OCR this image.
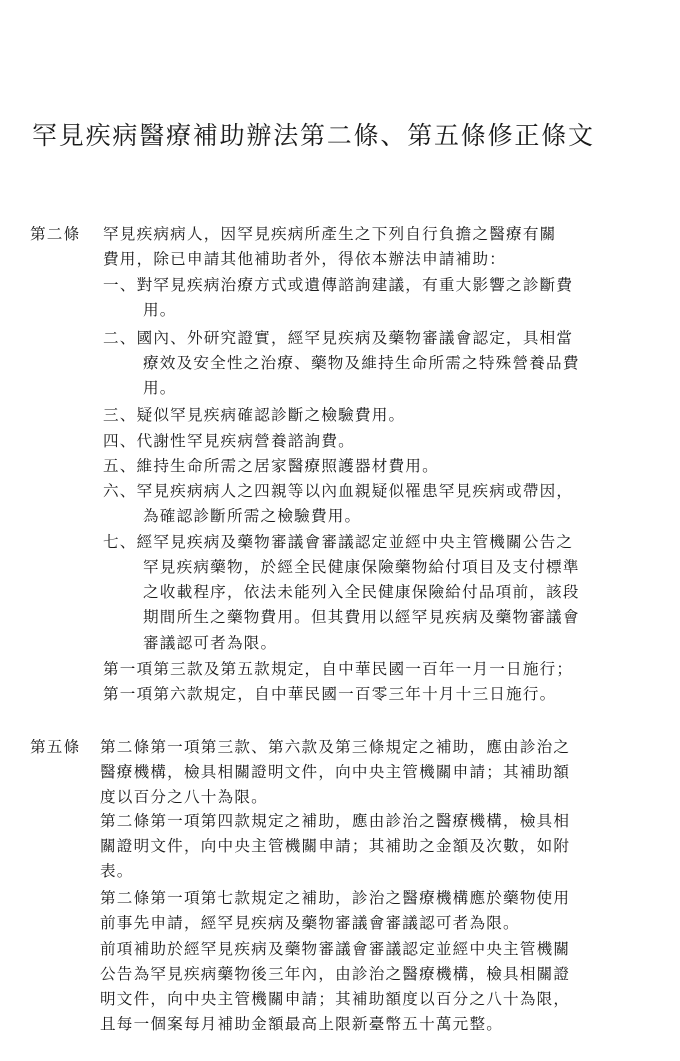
罕見疾病醫療補助辦法第二條、第五條修正條文
第二條 罕見疾病病人，因罕見疾病所產生之下列自行負擔之醫療有關
費用，除已申請其他補助者外，得依本辦法申請補助：
一、對罕見疾病治療方式或遺傳諮詢建議，有重大影響之診斷費
用。
二、國內、外研究證實，經罕見疾病及藥物審議會認定，具相當
療效及安全性之治療、藥物及維持生命所需之特殊營養品費
用。
三、疑似罕見疾病確認診斷之檢驗費用。
四、代謝性罕見疾病營養諮詢費。
五、維持生命所需之居家醫療照護器材費用。
六、罕見疾病病人之四親等以內血親疑似罹患罕見疾病或帶因，
為確認診斷所需之檢驗費用。
七、經罕見疾病及藥物審議會審議認定並經中央主管機關公告之
罕見疾病藥物，於經全民健康保險藥物給付項目及支付標準
之收載程序，依法未能列入全民健康保險給付品項前，該段
期間所生之藥物費用。但其費用以經罕見疾病及藥物審議會
審議認可者為限。
第一項第三款及第五款規定，自中華民國一百年一月一日施行；
第一項第六款規定，自中華民國一百零三年十月十三日施行。
第五條 第二條第一項第三款、第六款及第三條規定之補助，應由診治之
醫療機構，檢具相關證明文件，向中央主管機關申請；其補助額
度以百分之八十為限。
第二條第一項第四款規定之補助，應由診治之醫療機構，檢具相
關證明文件，向中央主管機關申請；其補助之金額及次數，如附
表。
第二條第一項第七款規定之補助，診治之醫療機構應於藥物使用
前事先申請，經罕見疾病及藥物審議會審議認可者為限。
前項補助於經罕見疾病及藥物審議會審議認定並經中央主管機關
公告為罕見疾病藥物後三年內，由診治之醫療機構，檢具相關證
明文件，向中央主管機關申請；其補助額度以百分之八十為限，
且每一個案每月補助金額最高上限新臺幣五十萬元整。
